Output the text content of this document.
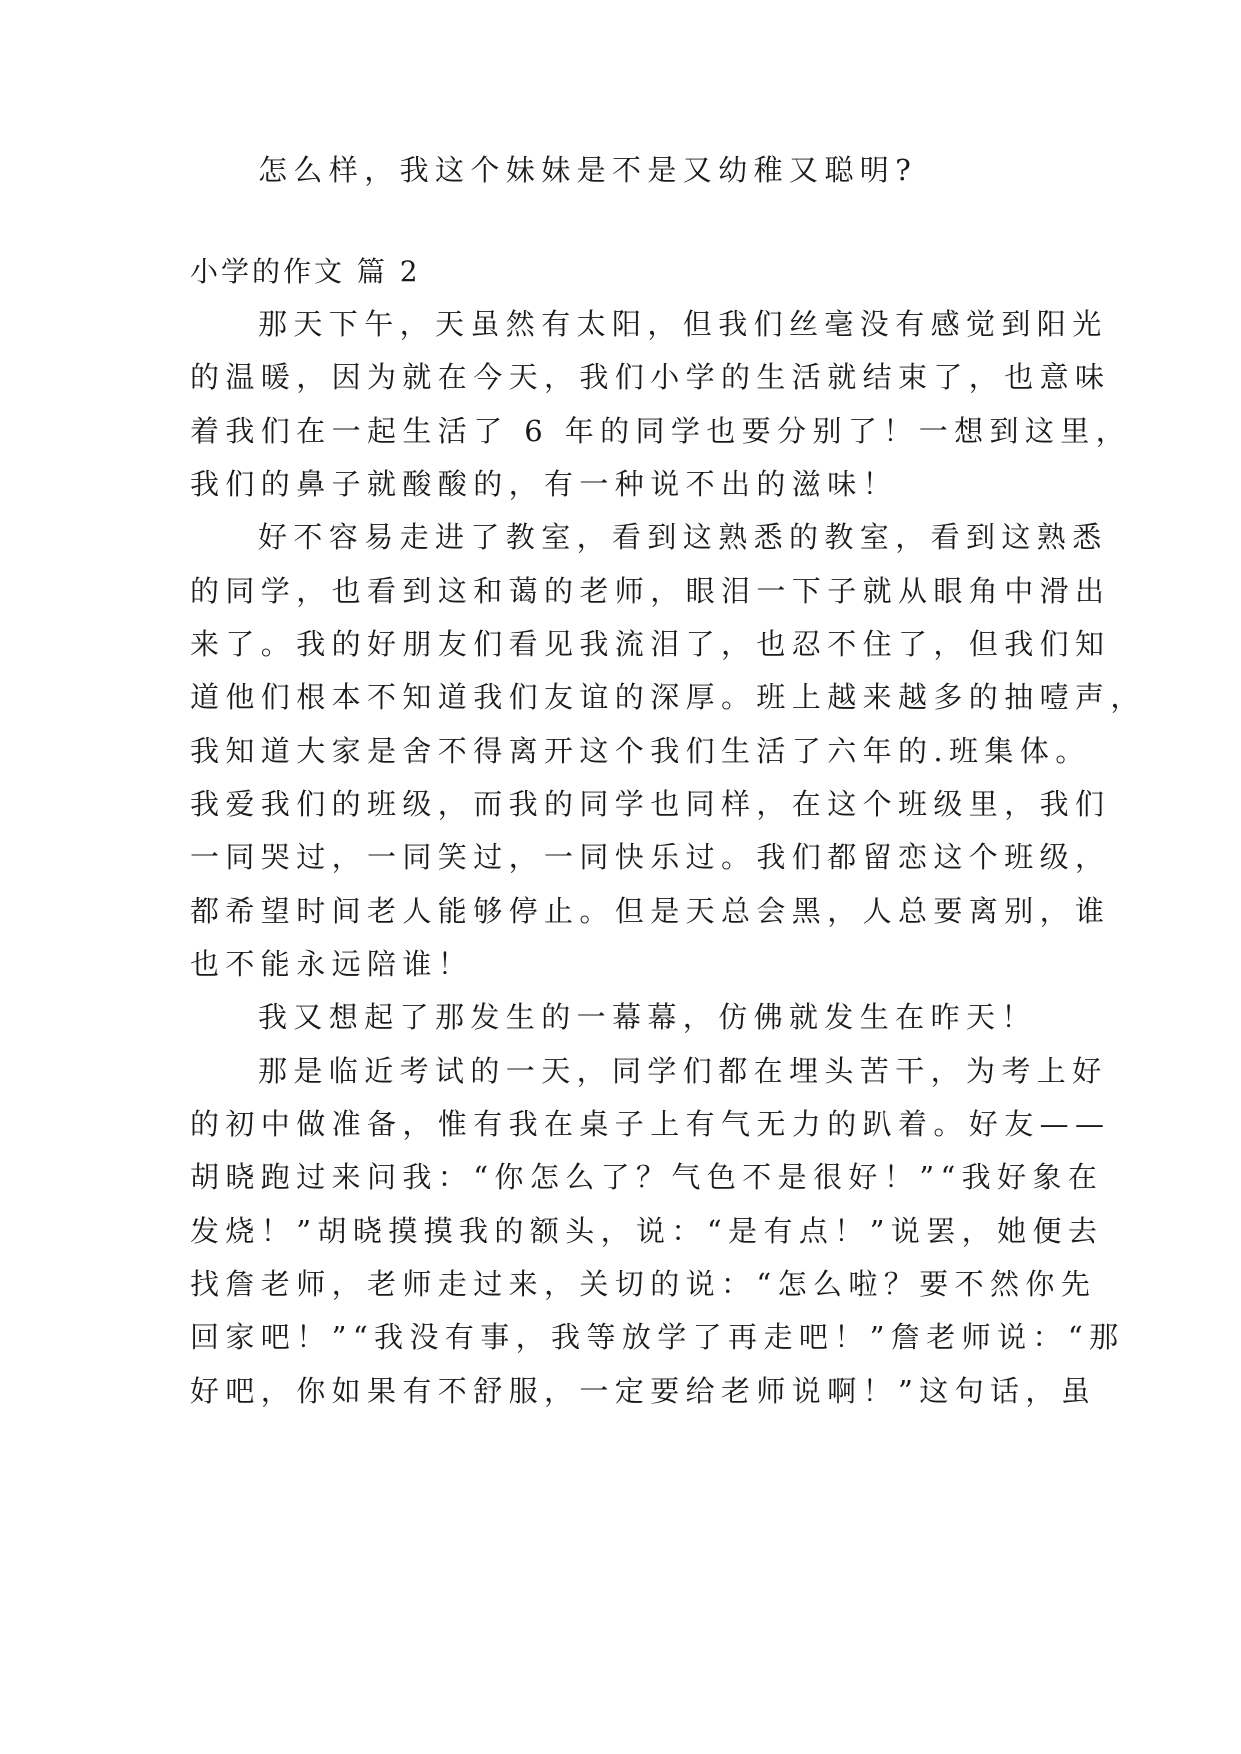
怎么样，我这个妹妹是不是又幼稚又聪明?
小学的作文 篇 2
那天下午，天虽然有太阳，但我们丝毫没有感觉到阳光
的温暖，因为就在今天，我们小学的生活就结束了，也意味
着我们在一起生活了 6 年的同学也要分别了！一想到这里，
我们的鼻子就酸酸的，有一种说不出的滋味！
好不容易走进了教室，看到这熟悉的教室，看到这熟悉
的同学，也看到这和蔼的老师，眼泪一下子就从眼角中滑出
来了。我的好朋友们看见我流泪了，也忍不住了，但我们知
道他们根本不知道我们友谊的深厚。班上越来越多的抽噎声，
我知道大家是舍不得离开这个我们生活了六年的.班集体。
我爱我们的班级，而我的同学也同样，在这个班级里，我们
一同哭过，一同笑过，一同快乐过。我们都留恋这个班级，
都希望时间老人能够停止。但是天总会黑，人总要离别，谁
也不能永远陪谁！
我又想起了那发生的一幕幕，仿佛就发生在昨天！
那是临近考试的一天，同学们都在埋头苦干，为考上好
的初中做准备，惟有我在桌子上有气无力的趴着。好友——
胡晓跑过来问我：“你怎么了？气色不是很好！”“我好象在
发烧！”胡晓摸摸我的额头，说：“是有点！”说罢，她便去
找詹老师，老师走过来，关切的说：“怎么啦？要不然你先
回家吧！”“我没有事，我等放学了再走吧！”詹老师说：“那
好吧，你如果有不舒服，一定要给老师说啊！”这句话，虽
